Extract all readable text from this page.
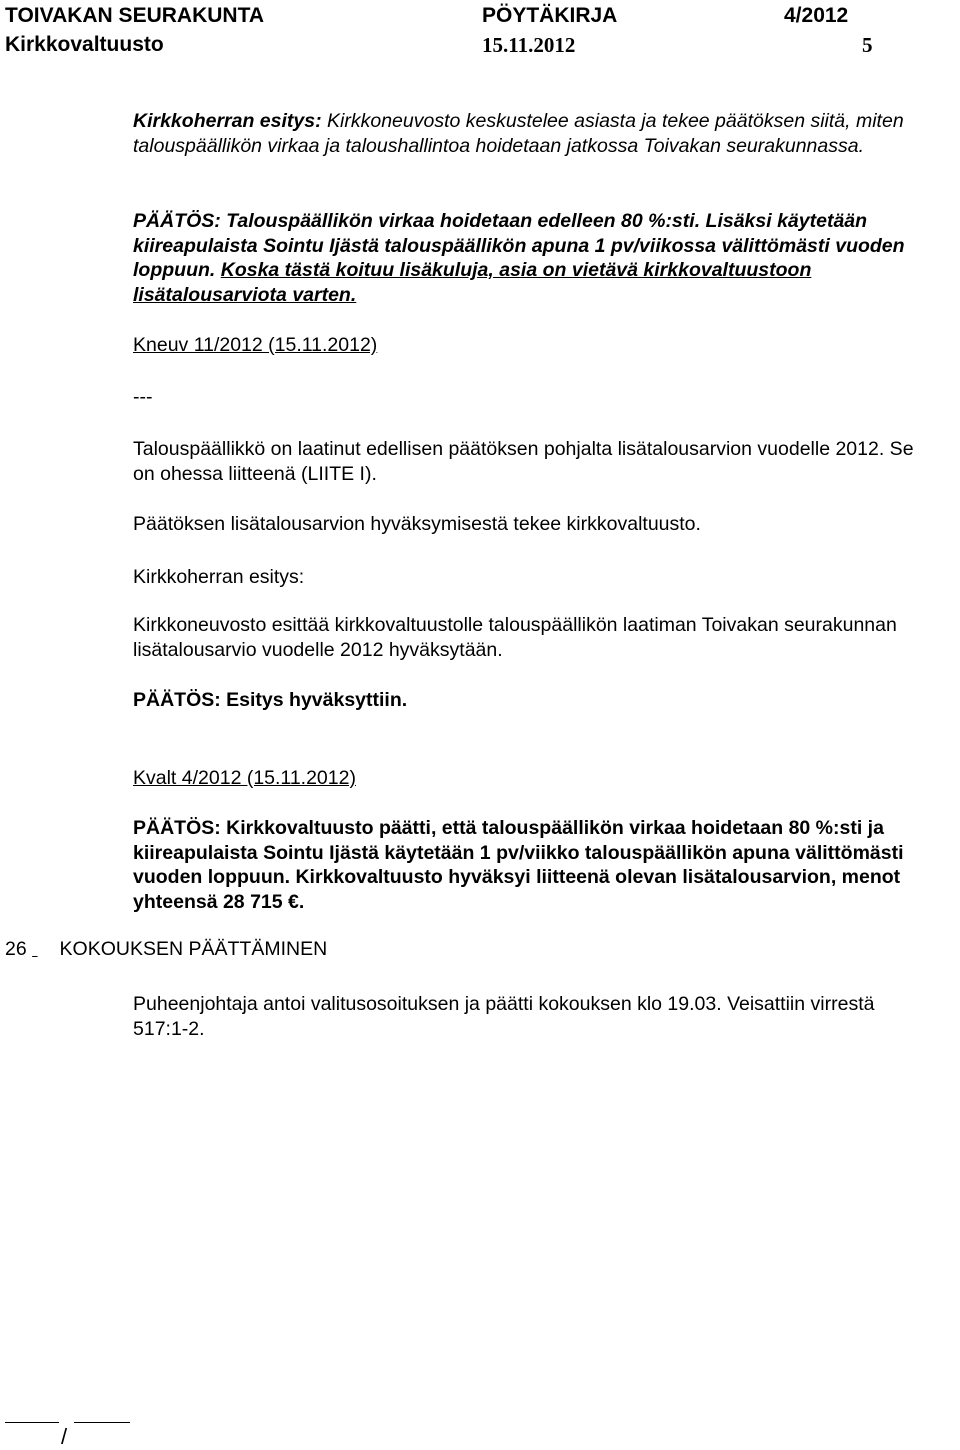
TOIVAKAN SEURAKUNTA	PÖYTÄKIRJA	4/2012
Kirkkovaltuusto	15.11.2012	5

Kirkkoherran esitys: Kirkkoneuvosto keskustelee asiasta ja tekee päätöksen siitä, miten talouspäällikön virkaa ja taloushallintoa hoidetaan jatkossa Toivakan seurakunnassa.

PÄÄTÖS: Talouspäällikön virkaa hoidetaan edelleen 80 %:sti. Lisäksi käytetään kiireapulaista Sointu Ijästä talouspäällikön apuna 1 pv/viikossa välittömästi vuoden loppuun. Koska tästä koituu lisäkuluja, asia on vietävä kirkkovaltuustoon lisätalousarviota varten.

Kneuv 11/2012 (15.11.2012)

---

Talouspäällikkö on laatinut edellisen päätöksen pohjalta lisätalousarvion vuodelle 2012. Se on ohessa liitteenä (LIITE I).

Päätöksen lisätalousarvion hyväksymisestä tekee kirkkovaltuusto.

Kirkkoherran esitys:

Kirkkoneuvosto esittää kirkkovaltuustolle talouspäällikön laatiman Toivakan seurakunnan lisätalousarvio vuodelle 2012 hyväksytään.

PÄÄTÖS: Esitys hyväksyttiin.

Kvalt 4/2012 (15.11.2012)

PÄÄTÖS: Kirkkovaltuusto päätti, että talouspäällikön virkaa hoidetaan 80 %:sti ja kiireapulaista Sointu Ijästä käytetään 1 pv/viikko talouspäällikön apuna välittömästi vuoden loppuun. Kirkkovaltuusto hyväksyi liitteenä olevan lisätalousarvion, menot yhteensä 28 715 €.

26 KOKOUKSEN PÄÄTTÄMINEN

Puheenjohtaja antoi valitusosoituksen ja päätti kokouksen klo 19.03. Veisattiin virrestä 517:1-2.

/
